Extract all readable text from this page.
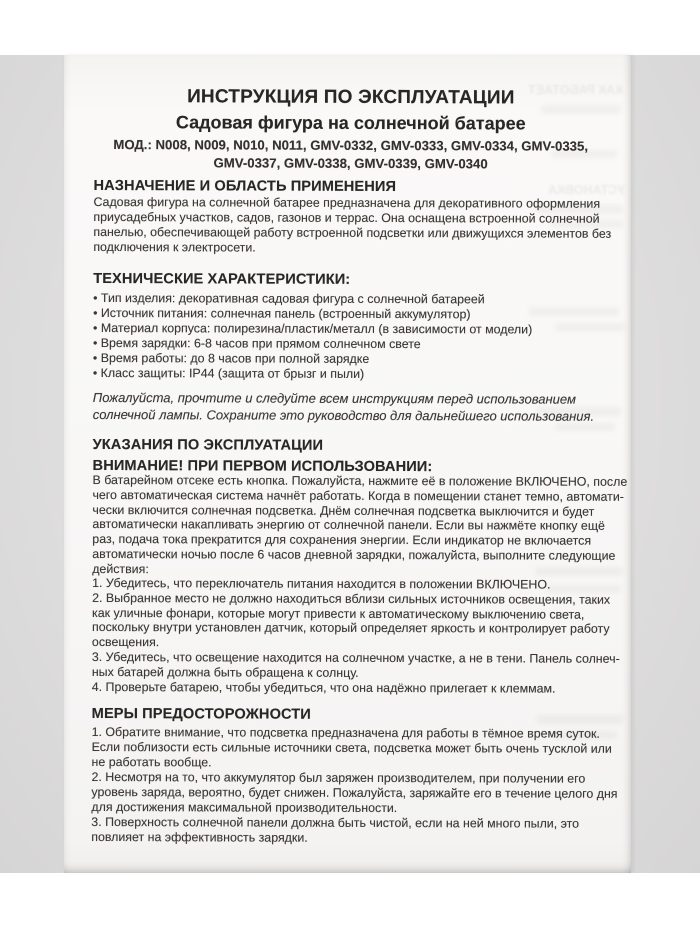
КАК РАБОТАЕТ
УСТАНОВКА
ИНСТРУКЦИЯ ПО ЭКСПЛУАТАЦИИ
Садовая фигура на солнечной батарее
МОД.: N008, N009, N010, N011, GMV-0332, GMV-0333, GMV-0334, GMV-0335,
GMV-0337, GMV-0338, GMV-0339, GMV-0340
НАЗНАЧЕНИЕ И ОБЛАСТЬ ПРИМЕНЕНИЯ
Садовая фигура на солнечной батарее предназначена для декоративного оформления
приусадебных участков, садов, газонов и террас. Она оснащена встроенной солнечной
панелью, обеспечивающей работу встроенной подсветки или движущихся элементов без
подключения к электросети.
ТЕХНИЧЕСКИЕ ХАРАКТЕРИСТИКИ:
• Тип изделия: декоративная садовая фигура с солнечной батареей
• Источник питания: солнечная панель (встроенный аккумулятор)
• Материал корпуса: полирезина/пластик/металл (в зависимости от модели)
• Время зарядки: 6-8 часов при прямом солнечном свете
• Время работы: до 8 часов при полной зарядке
• Класс защиты: IP44 (защита от брызг и пыли)
Пожалуйста, прочтите и следуйте всем инструкциям перед использованием
солнечной лампы. Сохраните это руководство для дальнейшего использования.
УКАЗАНИЯ ПО ЭКСПЛУАТАЦИИ
ВНИМАНИЕ! ПРИ ПЕРВОМ ИСПОЛЬЗОВАНИИ:
В батарейном отсеке есть кнопка. Пожалуйста, нажмите её в положение ВКЛЮЧЕНО, после
чего автоматическая система начнёт работать. Когда в помещении станет темно, автомати-
чески включится солнечная подсветка. Днём солнечная подсветка выключится и будет
автоматически накапливать энергию от солнечной панели. Если вы нажмёте кнопку ещё
раз, подача тока прекратится для сохранения энергии. Если индикатор не включается
автоматически ночью после 6 часов дневной зарядки, пожалуйста, выполните следующие
действия:
1. Убедитесь, что переключатель питания находится в положении ВКЛЮЧЕНО.
2. Выбранное место не должно находиться вблизи сильных источников освещения, таких
как уличные фонари, которые могут привести к автоматическому выключению света,
поскольку внутри установлен датчик, который определяет яркость и контролирует работу
освещения.
3. Убедитесь, что освещение находится на солнечном участке, а не в тени. Панель солнеч-
ных батарей должна быть обращена к солнцу.
4. Проверьте батарею, чтобы убедиться, что она надёжно прилегает к клеммам.
МЕРЫ ПРЕДОСТОРОЖНОСТИ
1. Обратите внимание, что подсветка предназначена для работы в тёмное время суток.
Если поблизости есть сильные источники света, подсветка может быть очень тусклой или
не работать вообще.
2. Несмотря на то, что аккумулятор был заряжен производителем, при получении его
уровень заряда, вероятно, будет снижен. Пожалуйста, заряжайте его в течение целого дня
для достижения максимальной производительности.
3. Поверхность солнечной панели должна быть чистой, если на ней много пыли, это
повлияет на эффективность зарядки.
